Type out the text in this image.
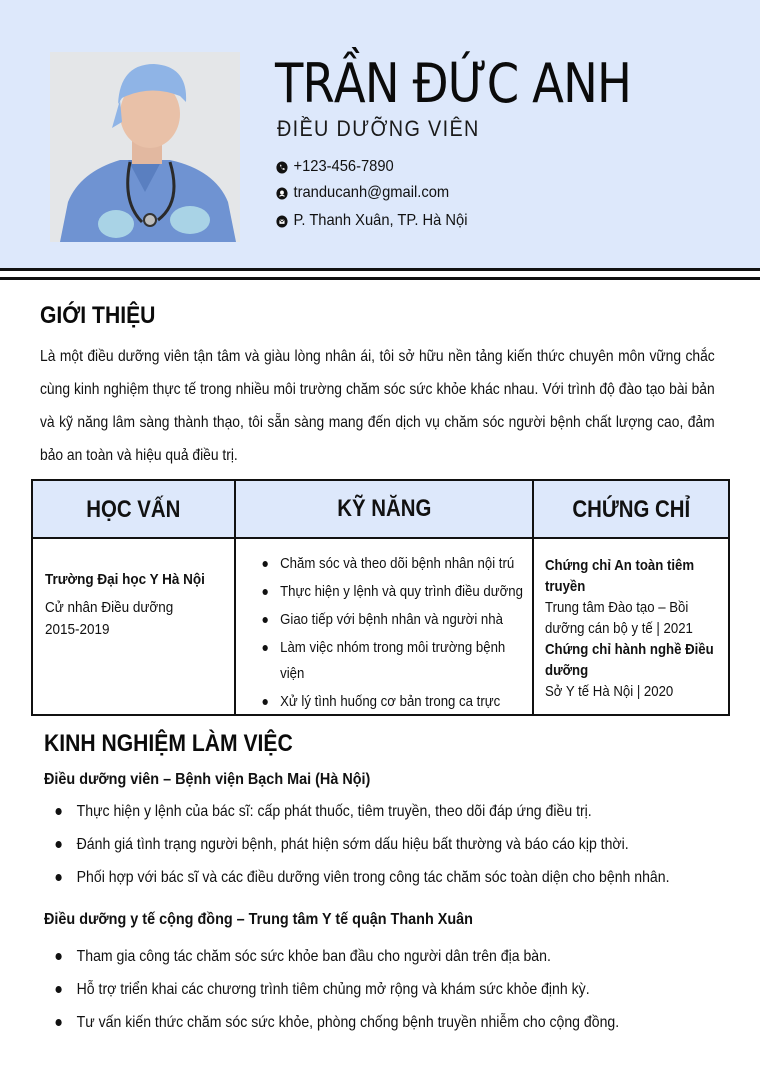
TRẦN ĐỨC ANH
ĐIỀU DƯỠNG VIÊN
+123-456-7890
tranducanh@gmail.com
P. Thanh Xuân, TP. Hà Nội
GIỚI THIỆU
Là một điều dưỡng viên tận tâm và giàu lòng nhân ái, tôi sở hữu nền tảng kiến thức chuyên môn vững chắc cùng kinh nghiệm thực tế trong nhiều môi trường chăm sóc sức khỏe khác nhau. Với trình độ đào tạo bài bản và kỹ năng lâm sàng thành thạo, tôi sẵn sàng mang đến dịch vụ chăm sóc người bệnh chất lượng cao, đảm bảo an toàn và hiệu quả điều trị.
HỌC VẤN	KỸ NĂNG	CHỨNG CHỈ
Trường Đại học Y Hà Nội
Cử nhân Điều dưỡng
2015-2019
Chăm sóc và theo dõi bệnh nhân nội trú
Thực hiện y lệnh và quy trình điều dưỡng
Giao tiếp với bệnh nhân và người nhà
Làm việc nhóm trong môi trường bệnh viện
Xử lý tình huống cơ bản trong ca trực
Chứng chỉ An toàn tiêm truyền
Trung tâm Đào tạo – Bồi dưỡng cán bộ y tế | 2021
Chứng chỉ hành nghề Điều dưỡng
Sở Y tế Hà Nội | 2020
KINH NGHIỆM LÀM VIỆC
Điều dưỡng viên – Bệnh viện Bạch Mai (Hà Nội)
Thực hiện y lệnh của bác sĩ: cấp phát thuốc, tiêm truyền, theo dõi đáp ứng điều trị.
Đánh giá tình trạng người bệnh, phát hiện sớm dấu hiệu bất thường và báo cáo kịp thời.
Phối hợp với bác sĩ và các điều dưỡng viên trong công tác chăm sóc toàn diện cho bệnh nhân.
Điều dưỡng y tế cộng đồng – Trung tâm Y tế quận Thanh Xuân
Tham gia công tác chăm sóc sức khỏe ban đầu cho người dân trên địa bàn.
Hỗ trợ triển khai các chương trình tiêm chủng mở rộng và khám sức khỏe định kỳ.
Tư vấn kiến thức chăm sóc sức khỏe, phòng chống bệnh truyền nhiễm cho cộng đồng.
